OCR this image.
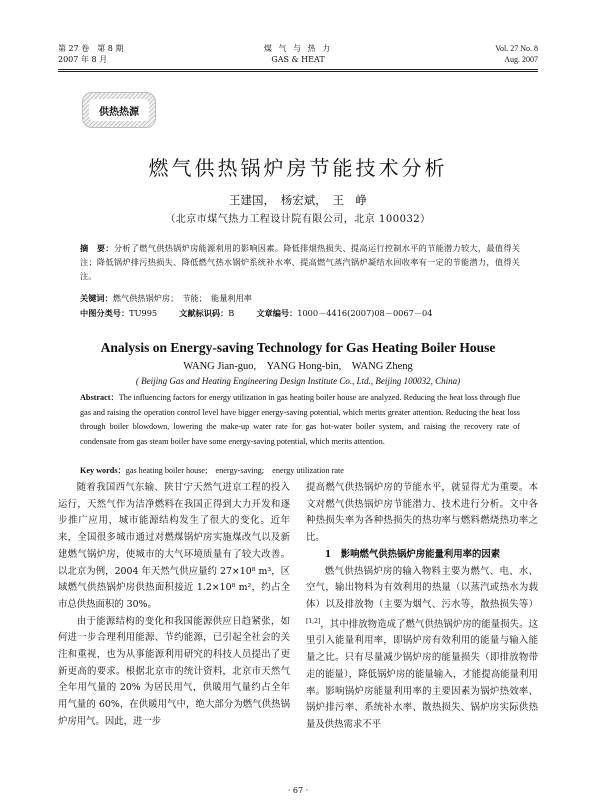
第 27 卷　第 8 期
2007 年 8 月
煤 气 与 热 力
GAS & HEAT
Vol. 27 No. 8
Aug. 2007
供热热源
燃气供热锅炉房节能技术分析
王建国，　杨宏斌，　王　峥
（北京市煤气热力工程设计院有限公司，北京 100032）
摘　要：分析了燃气供热锅炉房能源利用的影响因素。降低排烟热损失、提高运行控制水平的节能潜力较大，最值得关注；降低锅炉排污热损失、降低燃气热水锅炉系统补水率、提高燃气蒸汽锅炉凝结水回收率有一定的节能潜力，值得关注。
关键词：燃气供热锅炉房；　节能；　能量利用率
中图分类号：TU995	文献标识码：B	文章编号：1000－4416(2007)08－0067－04
Analysis on Energy-saving Technology for Gas Heating Boiler House
WANG Jian-guo,　YANG Hong-bin,　WANG Zheng
( Beijing Gas and Heating Engineering Design Institute Co., Ltd., Beijing 100032, China)
Abstract：The influencing factors for energy utilization in gas heating boiler house are analyzed. Reducing the heat loss through flue gas and raising the operation control level have bigger energy-saving potential, which merits greater attention. Reducing the heat loss through boiler blowdown, lowering the make-up water rate for gas hot-water boiler system, and raising the recovery rate of condensate from gas steam boiler have some energy-saving potential, which merits attention.
Key words：gas heating boiler house;　energy-saving;　energy utilization rate

随着我国西气东输、陕甘宁天然气进京工程的投入运行，天然气作为洁净燃料在我国正得到大力开发和逐步推广应用，城市能源结构发生了很大的变化。近年来，全国很多城市通过对燃煤锅炉房实施煤改气以及新建燃气锅炉房，使城市的大气环境质量有了较大改善。以北京为例，2004 年天然气供应量约 27×10⁸ m³，区域燃气供热锅炉房供热面积接近 1.2×10⁸ m²，约占全市总供热面积的 30%。

由于能源结构的变化和我国能源供应日趋紧张，如何进一步合理利用能源、节约能源，已引起全社会的关注和重视，也为从事能源利用研究的科技人员提出了更新更高的要求。根据北京市的统计资料，北京市天然气全年用气量的 20% 为居民用气，供暖用气量约占全年用气量的 60%，在供暖用气中，绝大部分为燃气供热锅炉房用气。因此，进一步

提高燃气供热锅炉房的节能水平，就显得尤为重要。本文对燃气供热锅炉房节能潜力、技术进行分析。文中各种热损失率为各种热损失的热功率与燃料燃烧热功率之比。

1　影响燃气供热锅炉房能量利用率的因素

燃气供热锅炉房的输入物料主要为燃气、电、水、空气，输出物料为有效利用的热量（以蒸汽或热水为载体）以及排放物（主要为烟气、污水等，散热损失等）[1,2]，其中排放物造成了燃气供热锅炉房的能量损失。这里引入能量利用率，即锅炉房有效利用的能量与输入能量之比。只有尽量减少锅炉房的能量损失（即排放物带走的能量），降低锅炉房的能量输入，才能提高能量利用率。影响锅炉房能量利用率的主要因素为锅炉热效率、锅炉排污率、系统补水率、散热损失、锅炉房实际供热量及供热需求不平

· 67 ·
